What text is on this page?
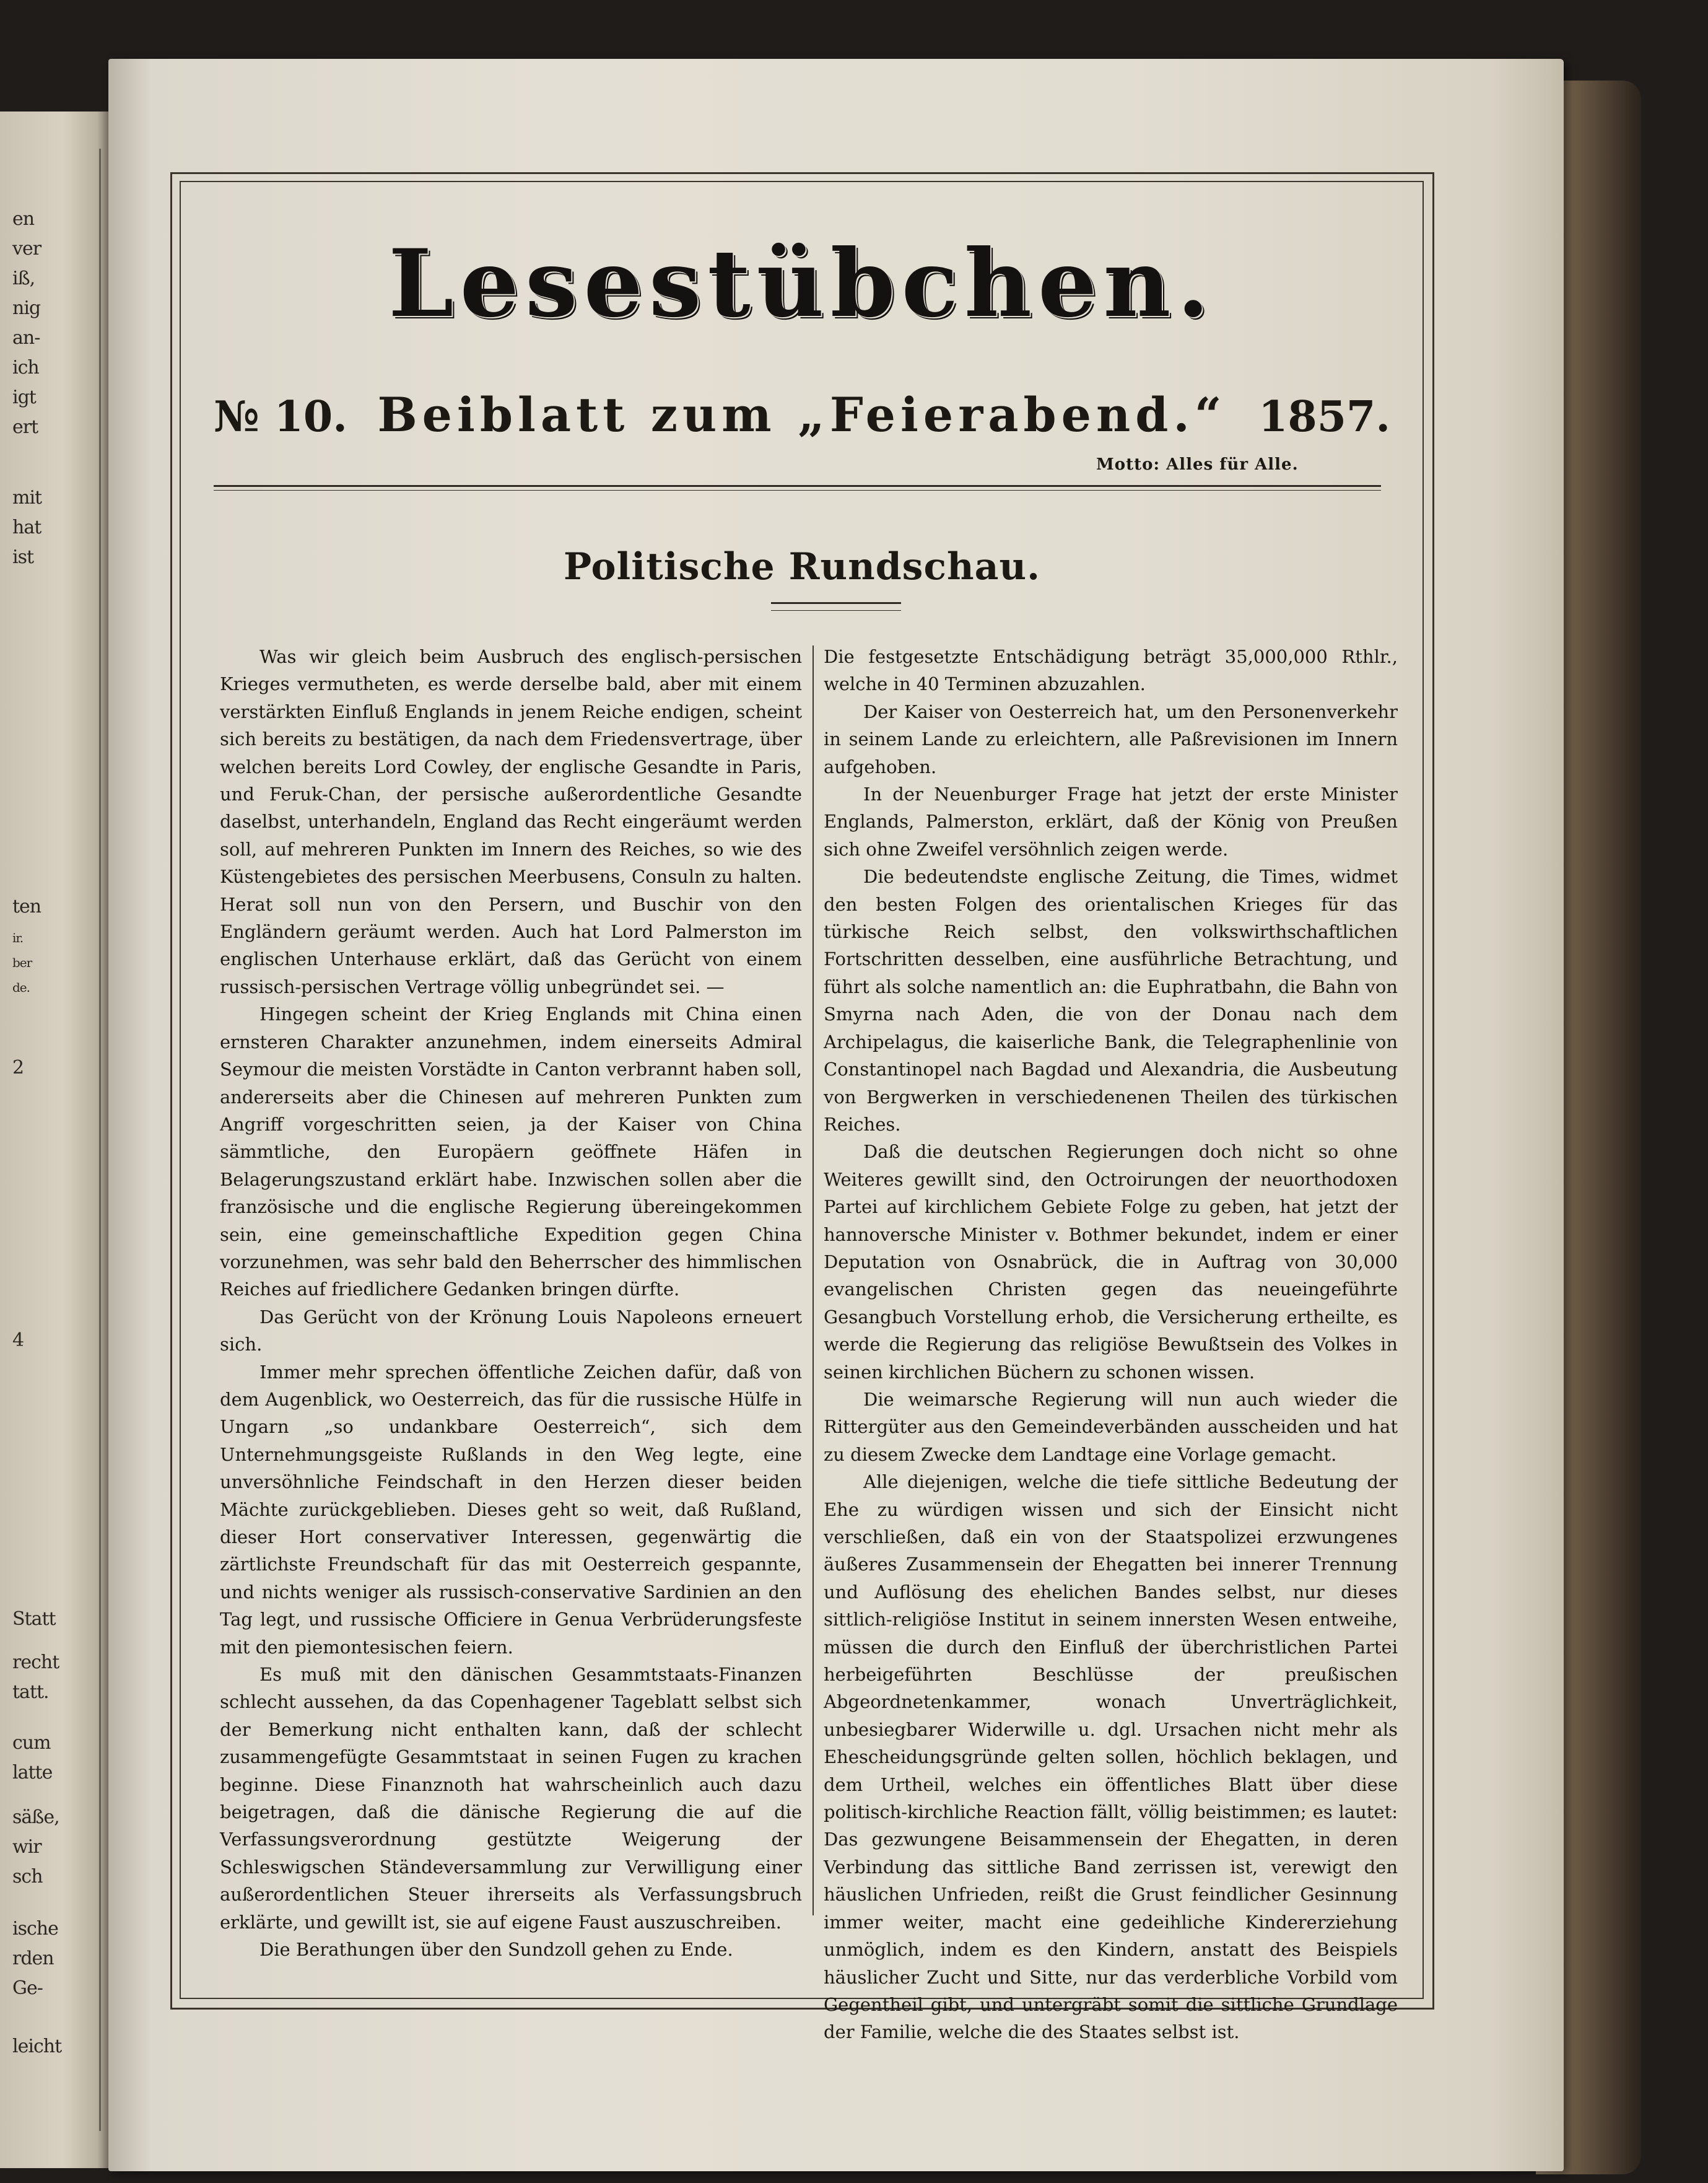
en
ver
iß,
nig
an-
ich
igt
ert
mit
hat
ist
ten
ir.
ber
de.
2
4
Statt
recht
tatt.
cum
latte
säße,
wir
sch
ische
rden
Ge-
leicht
Lesestübchen.
Beiblatt zum „Feierabend.“
№ 10.	1857.
Motto: Alles für Alle.
Politische Rundschau.

Was wir gleich beim Ausbruch des englisch-persischen Krieges vermutheten, es werde derselbe bald, aber mit einem verstärkten Einfluß Englands in jenem Reiche endigen, scheint sich bereits zu bestätigen, da nach dem Friedensvertrage, über welchen bereits Lord Cowley, der englische Gesandte in Paris, und Feruk-Chan, der persische außerordentliche Gesandte daselbst, unterhandeln, England das Recht eingeräumt werden soll, auf mehreren Punkten im Innern des Reiches, so wie des Küstengebietes des persischen Meerbusens, Consuln zu halten. Herat soll nun von den Persern, und Buschir von den Engländern geräumt werden. Auch hat Lord Palmerston im englischen Unterhause erklärt, daß das Gerücht von einem russisch-persischen Vertrage völlig unbegründet sei. —

Hingegen scheint der Krieg Englands mit China einen ernsteren Charakter anzunehmen, indem einerseits Admiral Seymour die meisten Vorstädte in Canton verbrannt haben soll, andererseits aber die Chinesen auf mehreren Punkten zum Angriff vorgeschritten seien, ja der Kaiser von China sämmtliche, den Europäern geöffnete Häfen in Belagerungszustand erklärt habe. Inzwischen sollen aber die französische und die englische Regierung übereingekommen sein, eine gemeinschaftliche Expedition gegen China vorzunehmen, was sehr bald den Beherrscher des himmlischen Reiches auf friedlichere Gedanken bringen dürfte.

Das Gerücht von der Krönung Louis Napoleons erneuert sich.

Immer mehr sprechen öffentliche Zeichen dafür, daß von dem Augenblick, wo Oesterreich, das für die russische Hülfe in Ungarn „so undankbare Oesterreich“, sich dem Unternehmungsgeiste Rußlands in den Weg legte, eine unversöhnliche Feindschaft in den Herzen dieser beiden Mächte zurückgeblieben. Dieses geht so weit, daß Rußland, dieser Hort conservativer Interessen, gegenwärtig die zärtlichste Freundschaft für das mit Oesterreich gespannte, und nichts weniger als russisch-conservative Sardinien an den Tag legt, und russische Officiere in Genua Verbrüderungsfeste mit den piemontesischen feiern.

Es muß mit den dänischen Gesammtstaats-Finanzen schlecht aussehen, da das Copenhagener Tageblatt selbst sich der Bemerkung nicht enthalten kann, daß der schlecht zusammengefügte Gesammtstaat in seinen Fugen zu krachen beginne. Diese Finanznoth hat wahrscheinlich auch dazu beigetragen, daß die dänische Regierung die auf die Verfassungsverordnung gestützte Weigerung der Schleswigschen Ständeversammlung zur Verwilligung einer außerordentlichen Steuer ihrerseits als Verfassungsbruch erklärte, und gewillt ist, sie auf eigene Faust auszuschreiben.

Die Berathungen über den Sundzoll gehen zu Ende.

Die festgesetzte Entschädigung beträgt 35,000,000 Rthlr., welche in 40 Terminen abzuzahlen.

Der Kaiser von Oesterreich hat, um den Personenverkehr in seinem Lande zu erleichtern, alle Paßrevisionen im Innern aufgehoben.

In der Neuenburger Frage hat jetzt der erste Minister Englands, Palmerston, erklärt, daß der König von Preußen sich ohne Zweifel versöhnlich zeigen werde.

Die bedeutendste englische Zeitung, die Times, widmet den besten Folgen des orientalischen Krieges für das türkische Reich selbst, den volkswirthschaftlichen Fortschritten desselben, eine ausführliche Betrachtung, und führt als solche namentlich an: die Euphratbahn, die Bahn von Smyrna nach Aden, die von der Donau nach dem Archipelagus, die kaiserliche Bank, die Telegraphenlinie von Constantinopel nach Bagdad und Alexandria, die Ausbeutung von Bergwerken in verschiedenenen Theilen des türkischen Reiches.

Daß die deutschen Regierungen doch nicht so ohne Weiteres gewillt sind, den Octroirungen der neuorthodoxen Partei auf kirchlichem Gebiete Folge zu geben, hat jetzt der hannoversche Minister v. Bothmer bekundet, indem er einer Deputation von Osnabrück, die in Auftrag von 30,000 evangelischen Christen gegen das neueingeführte Gesangbuch Vorstellung erhob, die Versicherung ertheilte, es werde die Regierung das religiöse Bewußtsein des Volkes in seinen kirchlichen Büchern zu schonen wissen.

Die weimarsche Regierung will nun auch wieder die Rittergüter aus den Gemeindeverbänden ausscheiden und hat zu diesem Zwecke dem Landtage eine Vorlage gemacht.

Alle diejenigen, welche die tiefe sittliche Bedeutung der Ehe zu würdigen wissen und sich der Einsicht nicht verschließen, daß ein von der Staatspolizei erzwungenes äußeres Zusammensein der Ehegatten bei innerer Trennung und Auflösung des ehelichen Bandes selbst, nur dieses sittlich-religiöse Institut in seinem innersten Wesen entweihe, müssen die durch den Einfluß der überchristlichen Partei herbeigeführten Beschlüsse der preußischen Abgeordnetenkammer, wonach Unverträglichkeit, unbesiegbarer Widerwille u. dgl. Ursachen nicht mehr als Ehescheidungsgründe gelten sollen, höchlich beklagen, und dem Urtheil, welches ein öffentliches Blatt über diese politisch-kirchliche Reaction fällt, völlig beistimmen; es lautet: Das gezwungene Beisammensein der Ehegatten, in deren Verbindung das sittliche Band zerrissen ist, verewigt den häuslichen Unfrieden, reißt die Grust feindlicher Gesinnung immer weiter, macht eine gedeihliche Kindererziehung unmöglich, indem es den Kindern, anstatt des Beispiels häuslicher Zucht und Sitte, nur das verderbliche Vorbild vom Gegentheil gibt, und untergräbt somit die sittliche Grundlage der Familie, welche die des Staates selbst ist.
